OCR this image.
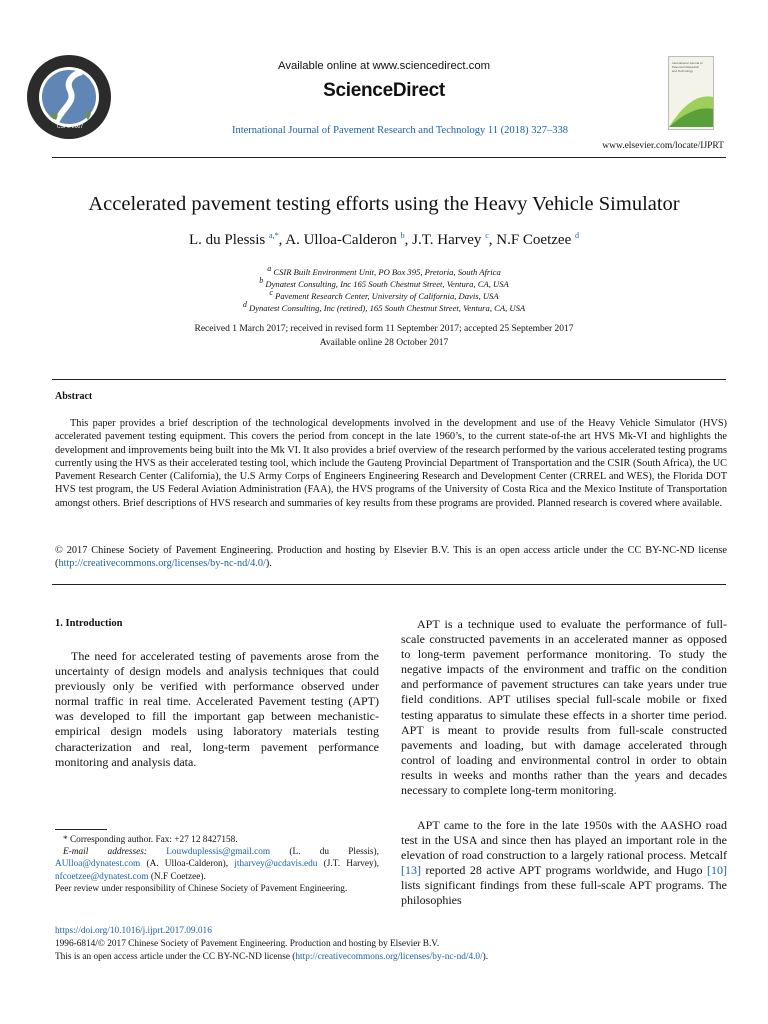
CSPE 2007
Available online at www.sciencedirect.com
ScienceDirect
International Journal of Pavement Research and Technology 11 (2018) 327–338
International Journal of
Pavement Research
and Technology
www.elsevier.com/locate/IJPRT
Accelerated pavement testing efforts using the Heavy Vehicle Simulator
L. du Plessis $^{a,*}$, A. Ulloa-Calderon $^b$, J.T. Harvey $^c$, N.F Coetzee $^d$
$^a$ CSIR Built Environment Unit, PO Box 395, Pretoria, South Africa
$^b$ Dynatest Consulting, Inc 165 South Chestnut Street, Ventura, CA, USA
$^c$ Pavement Research Center, University of California, Davis, USA
$^d$ Dynatest Consulting, Inc (retired), 165 South Chestnut Street, Ventura, CA, USA
Received 1 March 2017; received in revised form 11 September 2017; accepted 25 September 2017
Available online 28 October 2017
Abstract
This paper provides a brief description of the technological developments involved in the development and use of the Heavy Vehicle Simulator (HVS) accelerated pavement testing equipment. This covers the period from concept in the late 1960’s, to the current state-of-the art HVS Mk-VI and highlights the development and improvements being built into the Mk VI. It also provides a brief overview of the research performed by the various accelerated testing programs currently using the HVS as their accelerated testing tool, which include the Gauteng Provincial Department of Transportation and the CSIR (South Africa), the UC Pavement Research Center (California), the U.S Army Corps of Engineers Engineering Research and Development Center (CRREL and WES), the Florida DOT HVS test program, the US Federal Aviation Administration (FAA), the HVS programs of the University of Costa Rica and the Mexico Institute of Transportation amongst others. Brief descriptions of HVS research and summaries of key results from these programs are provided. Planned research is covered where available.
© 2017 Chinese Society of Pavement Engineering. Production and hosting by Elsevier B.V. This is an open access article under the CC BY-NC-ND license (http://creativecommons.org/licenses/by-nc-nd/4.0/).
1. Introduction
The need for accelerated testing of pavements arose from the uncertainty of design models and analysis techniques that could previously only be verified with performance observed under normal traffic in real time. Accelerated Pavement testing (APT) was developed to fill the important gap between mechanistic-empirical design models using laboratory materials testing characterization and real, long-term pavement performance monitoring and analysis data.
* Corresponding author. Fax: +27 12 8427158.
E-mail addresses: Louwduplessis@gmail.com (L. du Plessis), AUlloa@dynatest.com (A. Ulloa-Calderon), jtharvey@ucdavis.edu (J.T. Harvey), nfcoetzee@dynatest.com (N.F Coetzee).
Peer review under responsibility of Chinese Society of Pavement Engineering.
APT is a technique used to evaluate the performance of full-scale constructed pavements in an accelerated manner as opposed to long-term pavement performance monitoring. To study the negative impacts of the environment and traffic on the condition and performance of pavement structures can take years under true field conditions. APT utilises special full-scale mobile or fixed testing apparatus to simulate these effects in a shorter time period. APT is meant to provide results from full-scale constructed pavements and loading, but with damage accelerated through control of loading and environmental control in order to obtain results in weeks and months rather than the years and decades necessary to complete long-term monitoring.
APT came to the fore in the late 1950s with the AASHO road test in the USA and since then has played an important role in the elevation of road construction to a largely rational process. Metcalf [13] reported 28 active APT programs worldwide, and Hugo [10] lists significant findings from these full-scale APT programs. The philosophies
https://doi.org/10.1016/j.ijprt.2017.09.016
1996-6814/© 2017 Chinese Society of Pavement Engineering. Production and hosting by Elsevier B.V.
This is an open access article under the CC BY-NC-ND license (http://creativecommons.org/licenses/by-nc-nd/4.0/).
